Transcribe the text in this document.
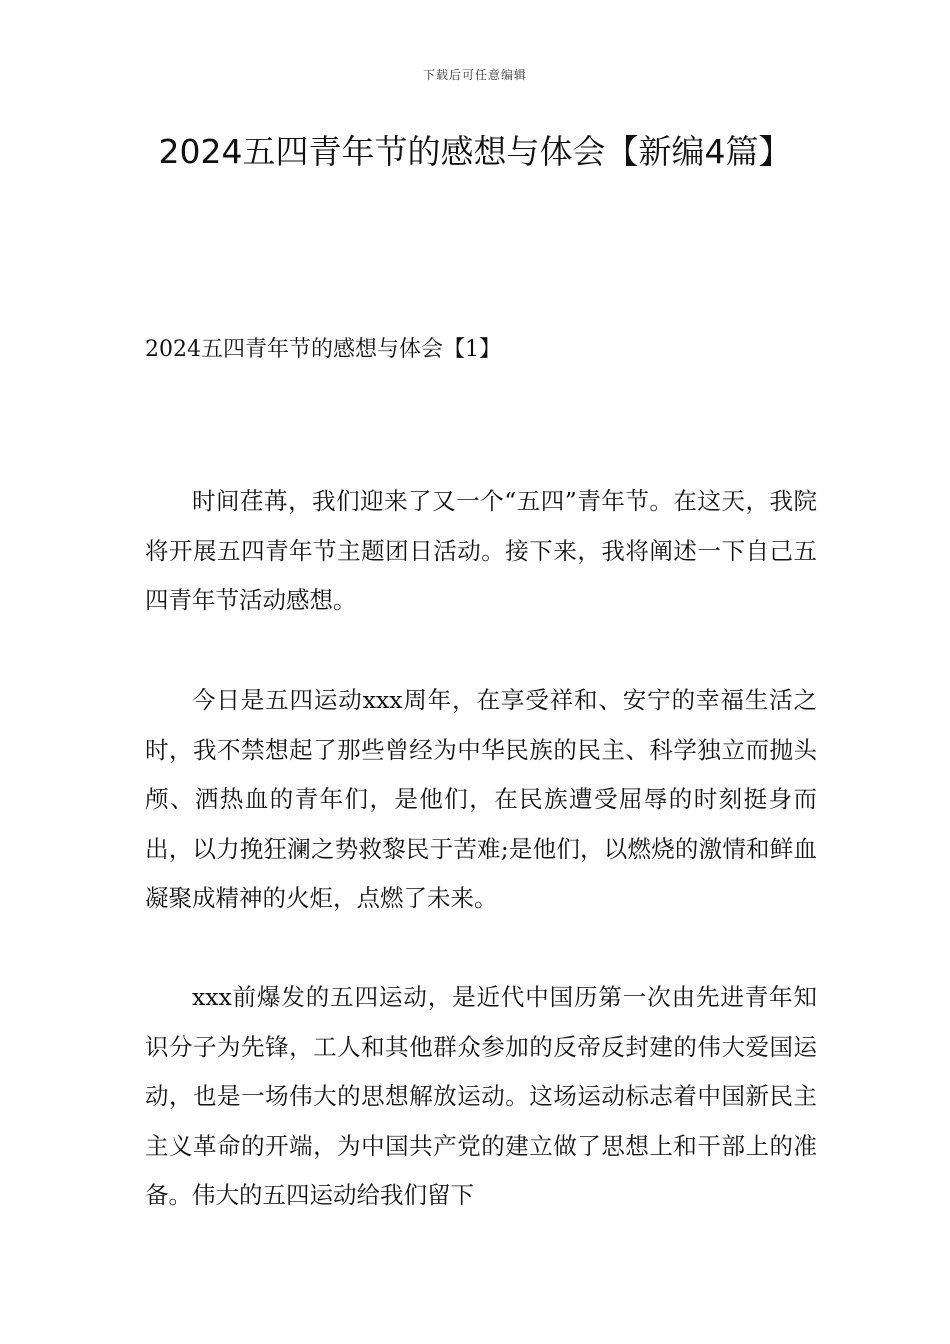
下载后可任意编辑
2024五四青年节的感想与体会【新编4篇】
2024五四青年节的感想与体会【1】

时间荏苒，我们迎来了又一个“五四”青年节。在这天，我院将开展五四青年节主题团日活动。接下来，我将阐述一下自己五四青年节活动感想。

今日是五四运动xxx周年，在享受祥和、安宁的幸福生活之时，我不禁想起了那些曾经为中华民族的民主、科学独立而抛头颅、洒热血的青年们，是他们，在民族遭受屈辱的时刻挺身而出，以力挽狂澜之势救黎民于苦难;是他们，以燃烧的激情和鲜血凝聚成精神的火炬，点燃了未来。

xxx前爆发的五四运动，是近代中国历第一次由先进青年知识分子为先锋，工人和其他群众参加的反帝反封建的伟大爱国运动，也是一场伟大的思想解放运动。这场运动标志着中国新民主主义革命的开端，为中国共产党的建立做了思想上和干部上的准备。伟大的五四运动给我们留下
